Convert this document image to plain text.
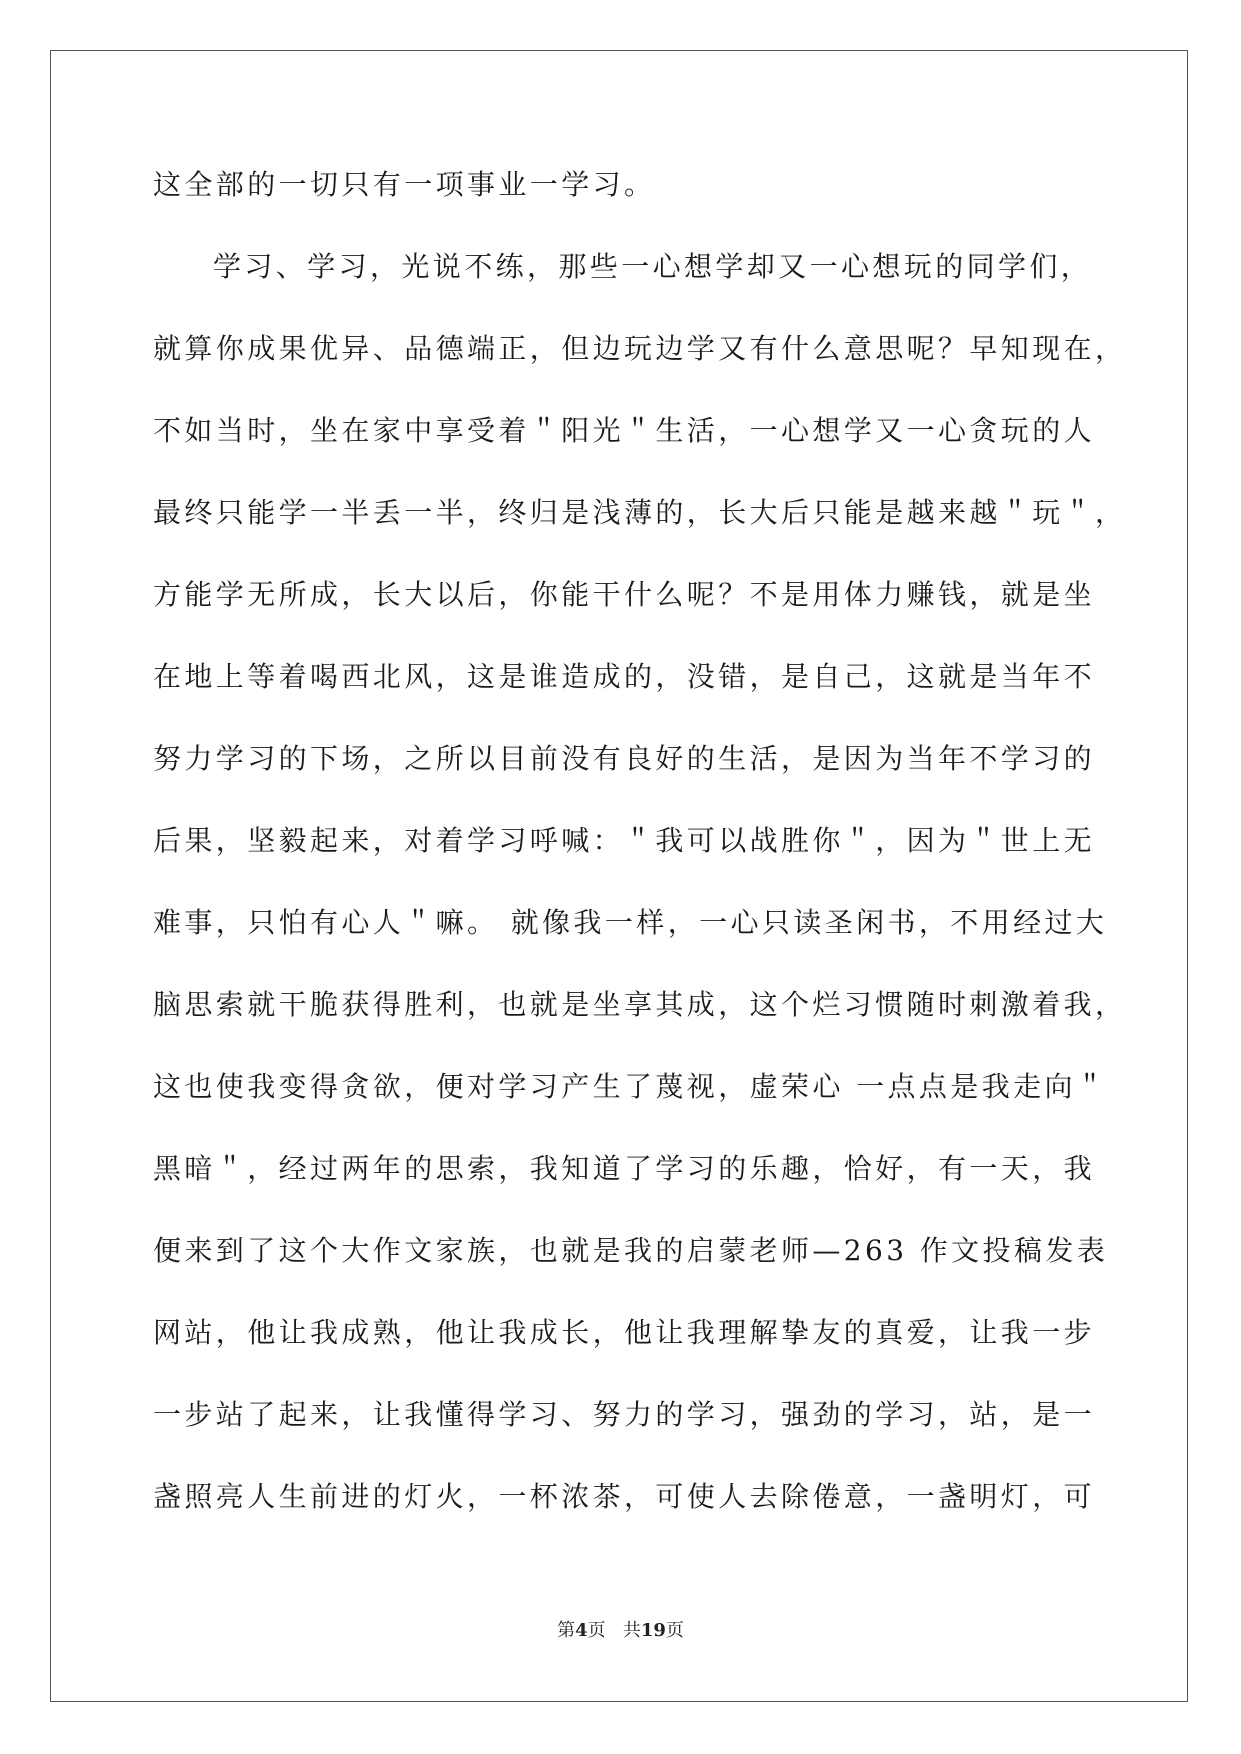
这全部的一切只有一项事业一学习。
学习、学习，光说不练，那些一心想学却又一心想玩的同学们，
就算你成果优异、品德端正，但边玩边学又有什么意思呢？早知现在，
不如当时，坐在家中享受着＂阳光＂生活，一心想学又一心贪玩的人
最终只能学一半丢一半，终归是浅薄的，长大后只能是越来越＂玩＂，
方能学无所成，长大以后，你能干什么呢？不是用体力赚钱，就是坐
在地上等着喝西北风，这是谁造成的，没错，是自己，这就是当年不
努力学习的下场，之所以目前没有良好的生活，是因为当年不学习的
后果，坚毅起来，对着学习呼喊：＂我可以战胜你＂，因为＂世上无
难事，只怕有心人＂嘛。 就像我一样，一心只读圣闲书，不用经过大
脑思索就干脆获得胜利，也就是坐享其成，这个烂习惯随时刺激着我，
这也使我变得贪欲，便对学习产生了蔑视，虚荣心 一点点是我走向＂
黑暗＂，经过两年的思索，我知道了学习的乐趣，恰好，有一天，我
便来到了这个大作文家族，也就是我的启蒙老师—263 作文投稿发表
网站，他让我成熟，他让我成长，他让我理解挚友的真爱，让我一步
一步站了起来，让我懂得学习、努力的学习，强劲的学习，站，是一
盏照亮人生前进的灯火，一杯浓茶，可使人去除倦意，一盏明灯，可
第4页 共19页
